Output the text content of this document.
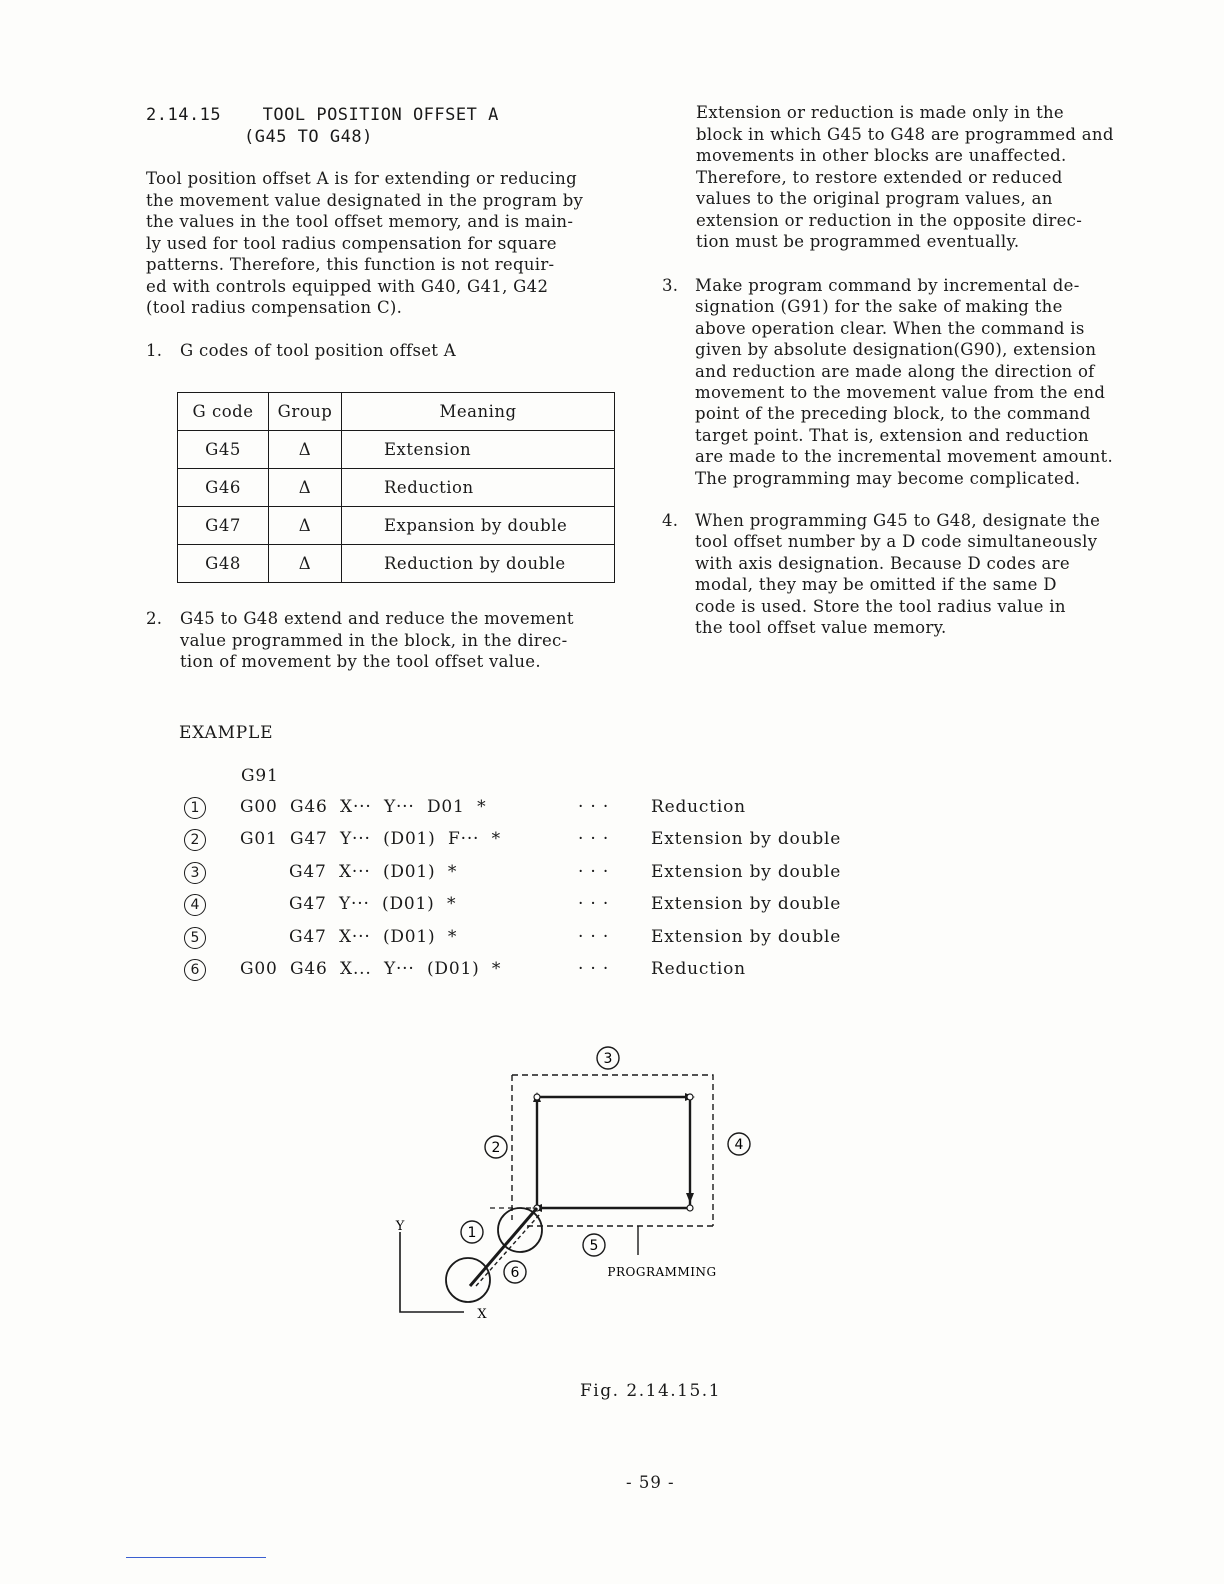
2.14.15 TOOL POSITION OFFSET A
(G45 TO G48)
Tool position offset A is for extending or reducing
the movement value designated in the program by
the values in the tool offset memory, and is main-
ly used for tool radius compensation for square
patterns. Therefore, this function is not requir-
ed with controls equipped with G40, G41, G42
(tool radius compensation C).
1. G codes of tool position offset A
G code	Group	Meaning
G45	Δ	Extension
G46	Δ	Reduction
G47	Δ	Expansion by double
G48	Δ	Reduction by double
2. G45 to G48 extend and reduce the movement
value programmed in the block, in the direc-
tion of movement by the tool offset value.
Extension or reduction is made only in the
block in which G45 to G48 are programmed and
movements in other blocks are unaffected.
Therefore, to restore extended or reduced
values to the original program values, an
extension or reduction in the opposite direc-
tion must be programmed eventually.
3. Make program command by incremental de-
signation (G91) for the sake of making the
above operation clear. When the command is
given by absolute designation(G90), extension
and reduction are made along the direction of
movement to the movement value from the end
point of the preceding block, to the command
target point. That is, extension and reduction
are made to the incremental movement amount.
The programming may become complicated.
4. When programming G45 to G48, designate the
tool offset number by a D code simultaneously
with axis designation. Because D codes are
modal, they may be omitted if the same D
code is used. Store the tool radius value in
the tool offset value memory.
EXAMPLE
G91
1	G00  G46  X···  Y···  D01  *	· · · Reduction
2	G01  G47  Y···  (D01)  F···  *	· · · Extension by double
3	G47  X···  (D01)  *	· · · Extension by double
4	G47  Y···  (D01)  *	· · · Extension by double
5	G47  X···  (D01)  *	· · · Extension by double
6	G00  G46  X...  Y···  (D01)  *	· · · Reduction
Y
X
3
2	4
1
5
6	PROGRAMMING
Fig. 2.14.15.1
- 59 -
